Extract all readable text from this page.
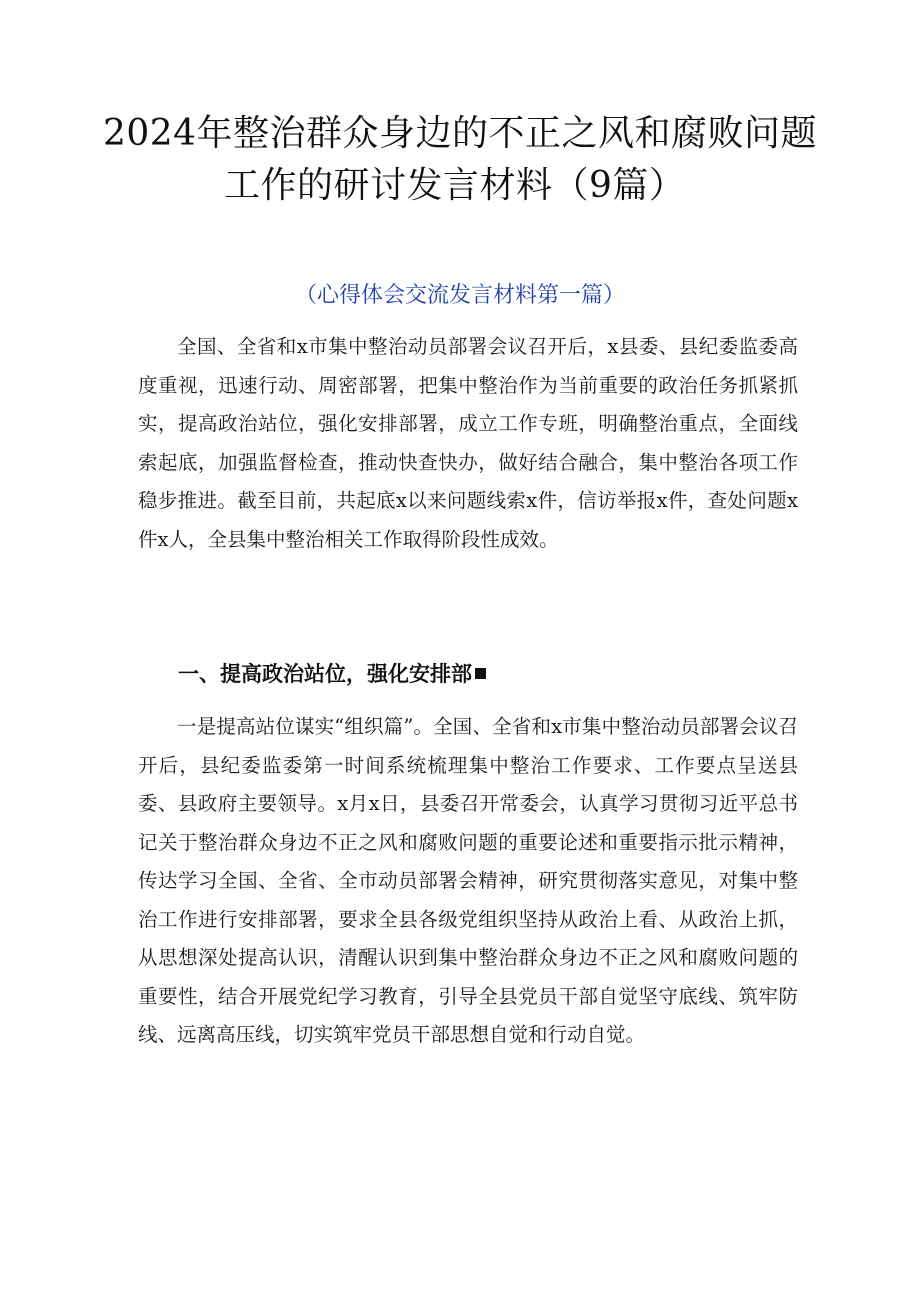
2024年整治群众身边的不正之风和腐败问题
工作的研讨发言材料（9篇）

（心得体会交流发言材料第一篇）

全国、全省和x市集中整治动员部署会议召开后，x县委、县纪委监委高度重视，迅速行动、周密部署，把集中整治作为当前重要的政治任务抓紧抓实，提高政治站位，强化安排部署，成立工作专班，明确整治重点，全面线索起底，加强监督检查，推动快查快办，做好结合融合，集中整治各项工作稳步推进。截至目前，共起底x以来问题线索x件，信访举报x件，查处问题x件x人，全县集中整治相关工作取得阶段性成效。

一、提高政治站位，强化安排部

一是提高站位谋实“组织篇”。全国、全省和x市集中整治动员部署会议召开后，县纪委监委第一时间系统梳理集中整治工作要求、工作要点呈送县委、县政府主要领导。x月x日，县委召开常委会，认真学习贯彻习近平总书记关于整治群众身边不正之风和腐败问题的重要论述和重要指示批示精神，传达学习全国、全省、全市动员部署会精神，研究贯彻落实意见，对集中整治工作进行安排部署，要求全县各级党组织坚持从政治上看、从政治上抓，从思想深处提高认识，清醒认识到集中整治群众身边不正之风和腐败问题的重要性，结合开展党纪学习教育，引导全县党员干部自觉坚守底线、筑牢防线、远离高压线，切实筑牢党员干部思想自觉和行动自觉。
